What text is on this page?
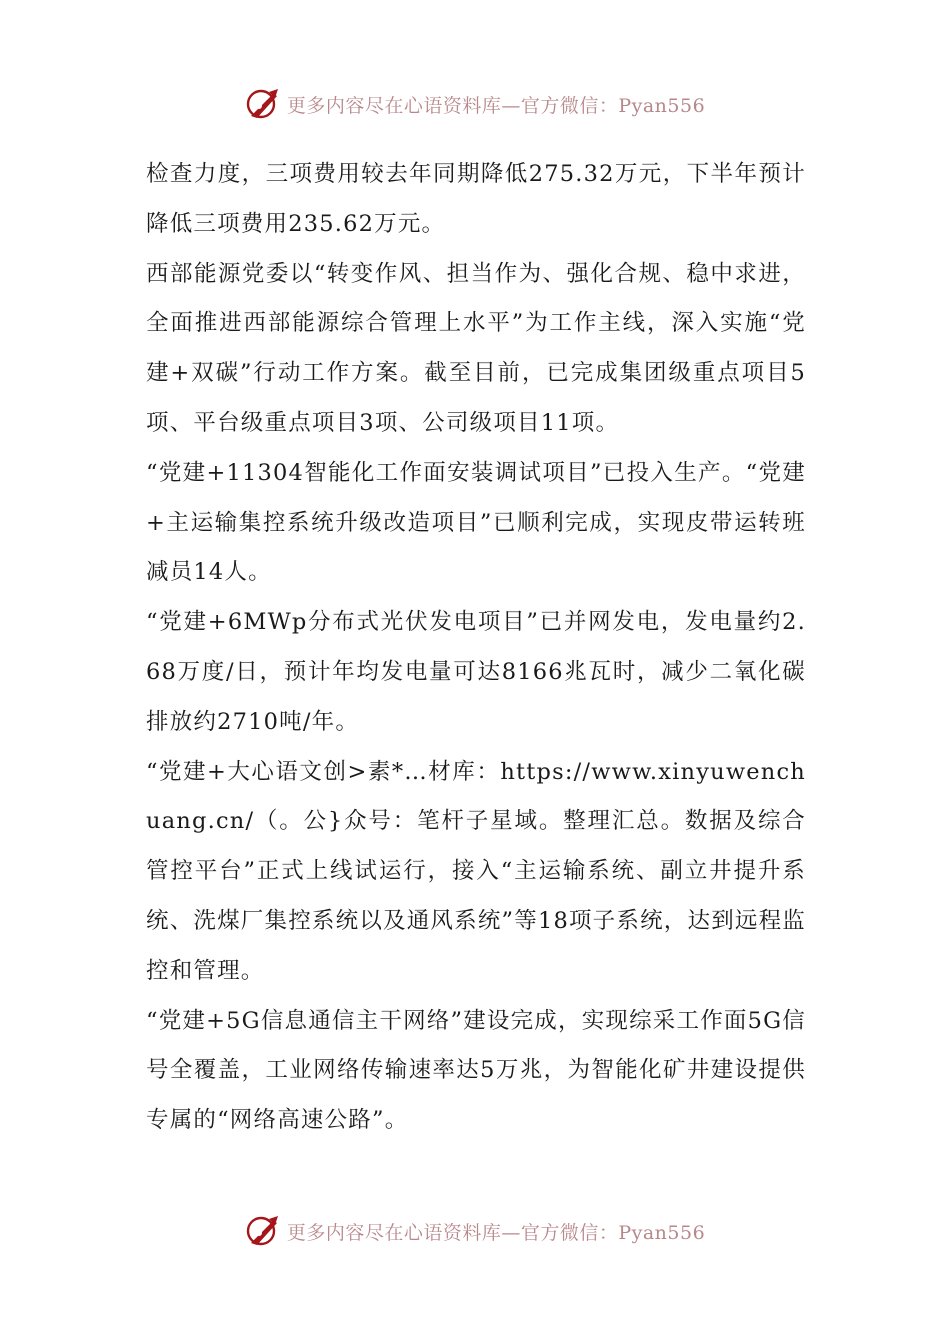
更多内容尽在心语资料库—官方微信：Pyan556

检查力度，三项费用较去年同期降低275.32万元，下半年预计降低三项费用235.62万元。

西部能源党委以“转变作风、担当作为、强化合规、稳中求进，全面推进西部能源综合管理上水平”为工作主线，深入实施“党建+双碳”行动工作方案。截至目前，已完成集团级重点项目5项、平台级重点项目3项、公司级项目11项。

“党建+11304智能化工作面安装调试项目”已投入生产。“党建+主运输集控系统升级改造项目”已顺利完成，实现皮带运转班减员14人。

“党建+6MWp分布式光伏发电项目”已并网发电，发电量约2.68万度/日，预计年均发电量可达8166兆瓦时，减少二氧化碳排放约2710吨/年。

“党建+大心语文创>素*…材库：https://www.xinyuwenchuang.cn/（。公}众号：笔杆子星域。整理汇总。数据及综合管控平台”正式上线试运行，接入“主运输系统、副立井提升系统、洗煤厂集控系统以及通风系统”等18项子系统，达到远程监控和管理。

“党建+5G信息通信主干网络”建设完成，实现综采工作面5G信号全覆盖，工业网络传输速率达5万兆，为智能化矿井建设提供专属的“网络高速公路”。

更多内容尽在心语资料库—官方微信：Pyan556
